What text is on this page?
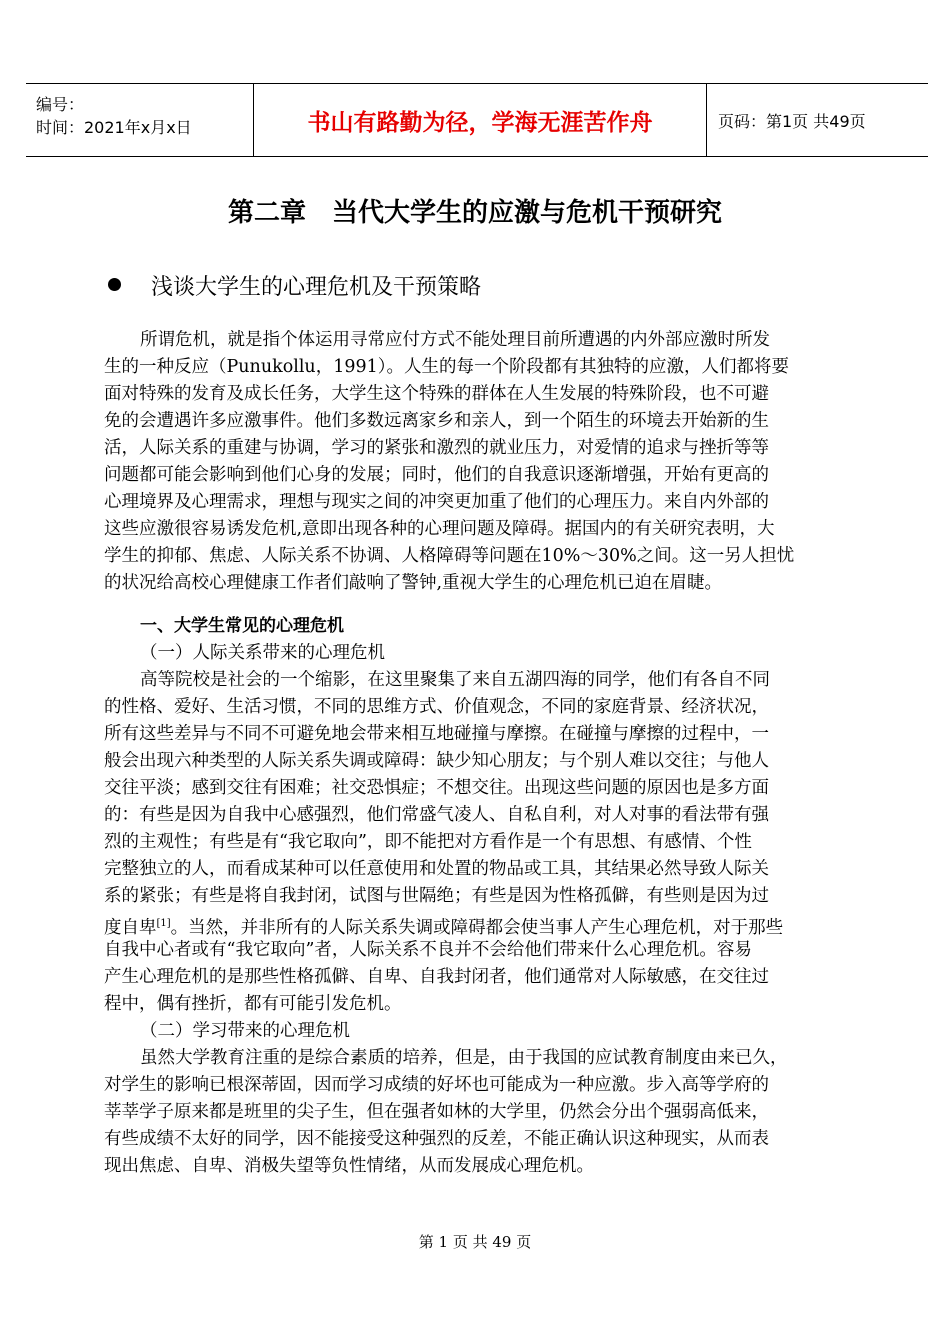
编号：
时间：2021年x月x日	书山有路勤为径，学海无涯苦作舟	页码：第1页 共49页
第二章　当代大学生的应激与危机干预研究
浅谈大学生的心理危机及干预策略
所谓危机，就是指个体运用寻常应付方式不能处理目前所遭遇的内外部应激时所发
生的一种反应（Punukollu，1991）。人生的每一个阶段都有其独特的应激，人们都将要
面对特殊的发育及成长任务，大学生这个特殊的群体在人生发展的特殊阶段，也不可避
免的会遭遇许多应激事件。他们多数远离家乡和亲人，到一个陌生的环境去开始新的生
活，人际关系的重建与协调，学习的紧张和激烈的就业压力，对爱情的追求与挫折等等
问题都可能会影响到他们心身的发展；同时，他们的自我意识逐渐增强，开始有更高的
心理境界及心理需求，理想与现实之间的冲突更加重了他们的心理压力。来自内外部的
这些应激很容易诱发危机,意即出现各种的心理问题及障碍。据国内的有关研究表明，大
学生的抑郁、焦虑、人际关系不协调、人格障碍等问题在10%～30%之间。这一另人担忧
的状况给高校心理健康工作者们敲响了警钟,重视大学生的心理危机已迫在眉睫。
一、大学生常见的心理危机
（一）人际关系带来的心理危机
高等院校是社会的一个缩影，在这里聚集了来自五湖四海的同学，他们有各自不同
的性格、爱好、生活习惯，不同的思维方式、价值观念，不同的家庭背景、经济状况，
所有这些差异与不同不可避免地会带来相互地碰撞与摩擦。在碰撞与摩擦的过程中，一
般会出现六种类型的人际关系失调或障碍：缺少知心朋友；与个别人难以交往；与他人
交往平淡；感到交往有困难；社交恐惧症；不想交往。出现这些问题的原因也是多方面
的：有些是因为自我中心感强烈，他们常盛气凌人、自私自利，对人对事的看法带有强
烈的主观性；有些是有“我它取向”，即不能把对方看作是一个有思想、有感情、个性
完整独立的人，而看成某种可以任意使用和处置的物品或工具，其结果必然导致人际关
系的紧张；有些是将自我封闭，试图与世隔绝；有些是因为性格孤僻，有些则是因为过
度自卑[1]。当然，并非所有的人际关系失调或障碍都会使当事人产生心理危机，对于那些
自我中心者或有“我它取向”者，人际关系不良并不会给他们带来什么心理危机。容易
产生心理危机的是那些性格孤僻、自卑、自我封闭者，他们通常对人际敏感，在交往过
程中，偶有挫折，都有可能引发危机。
（二）学习带来的心理危机
虽然大学教育注重的是综合素质的培养，但是，由于我国的应试教育制度由来已久，
对学生的影响已根深蒂固，因而学习成绩的好坏也可能成为一种应激。步入高等学府的
莘莘学子原来都是班里的尖子生，但在强者如林的大学里，仍然会分出个强弱高低来，
有些成绩不太好的同学，因不能接受这种强烈的反差，不能正确认识这种现实，从而表
现出焦虑、自卑、消极失望等负性情绪，从而发展成心理危机。
第 1 页 共 49 页
